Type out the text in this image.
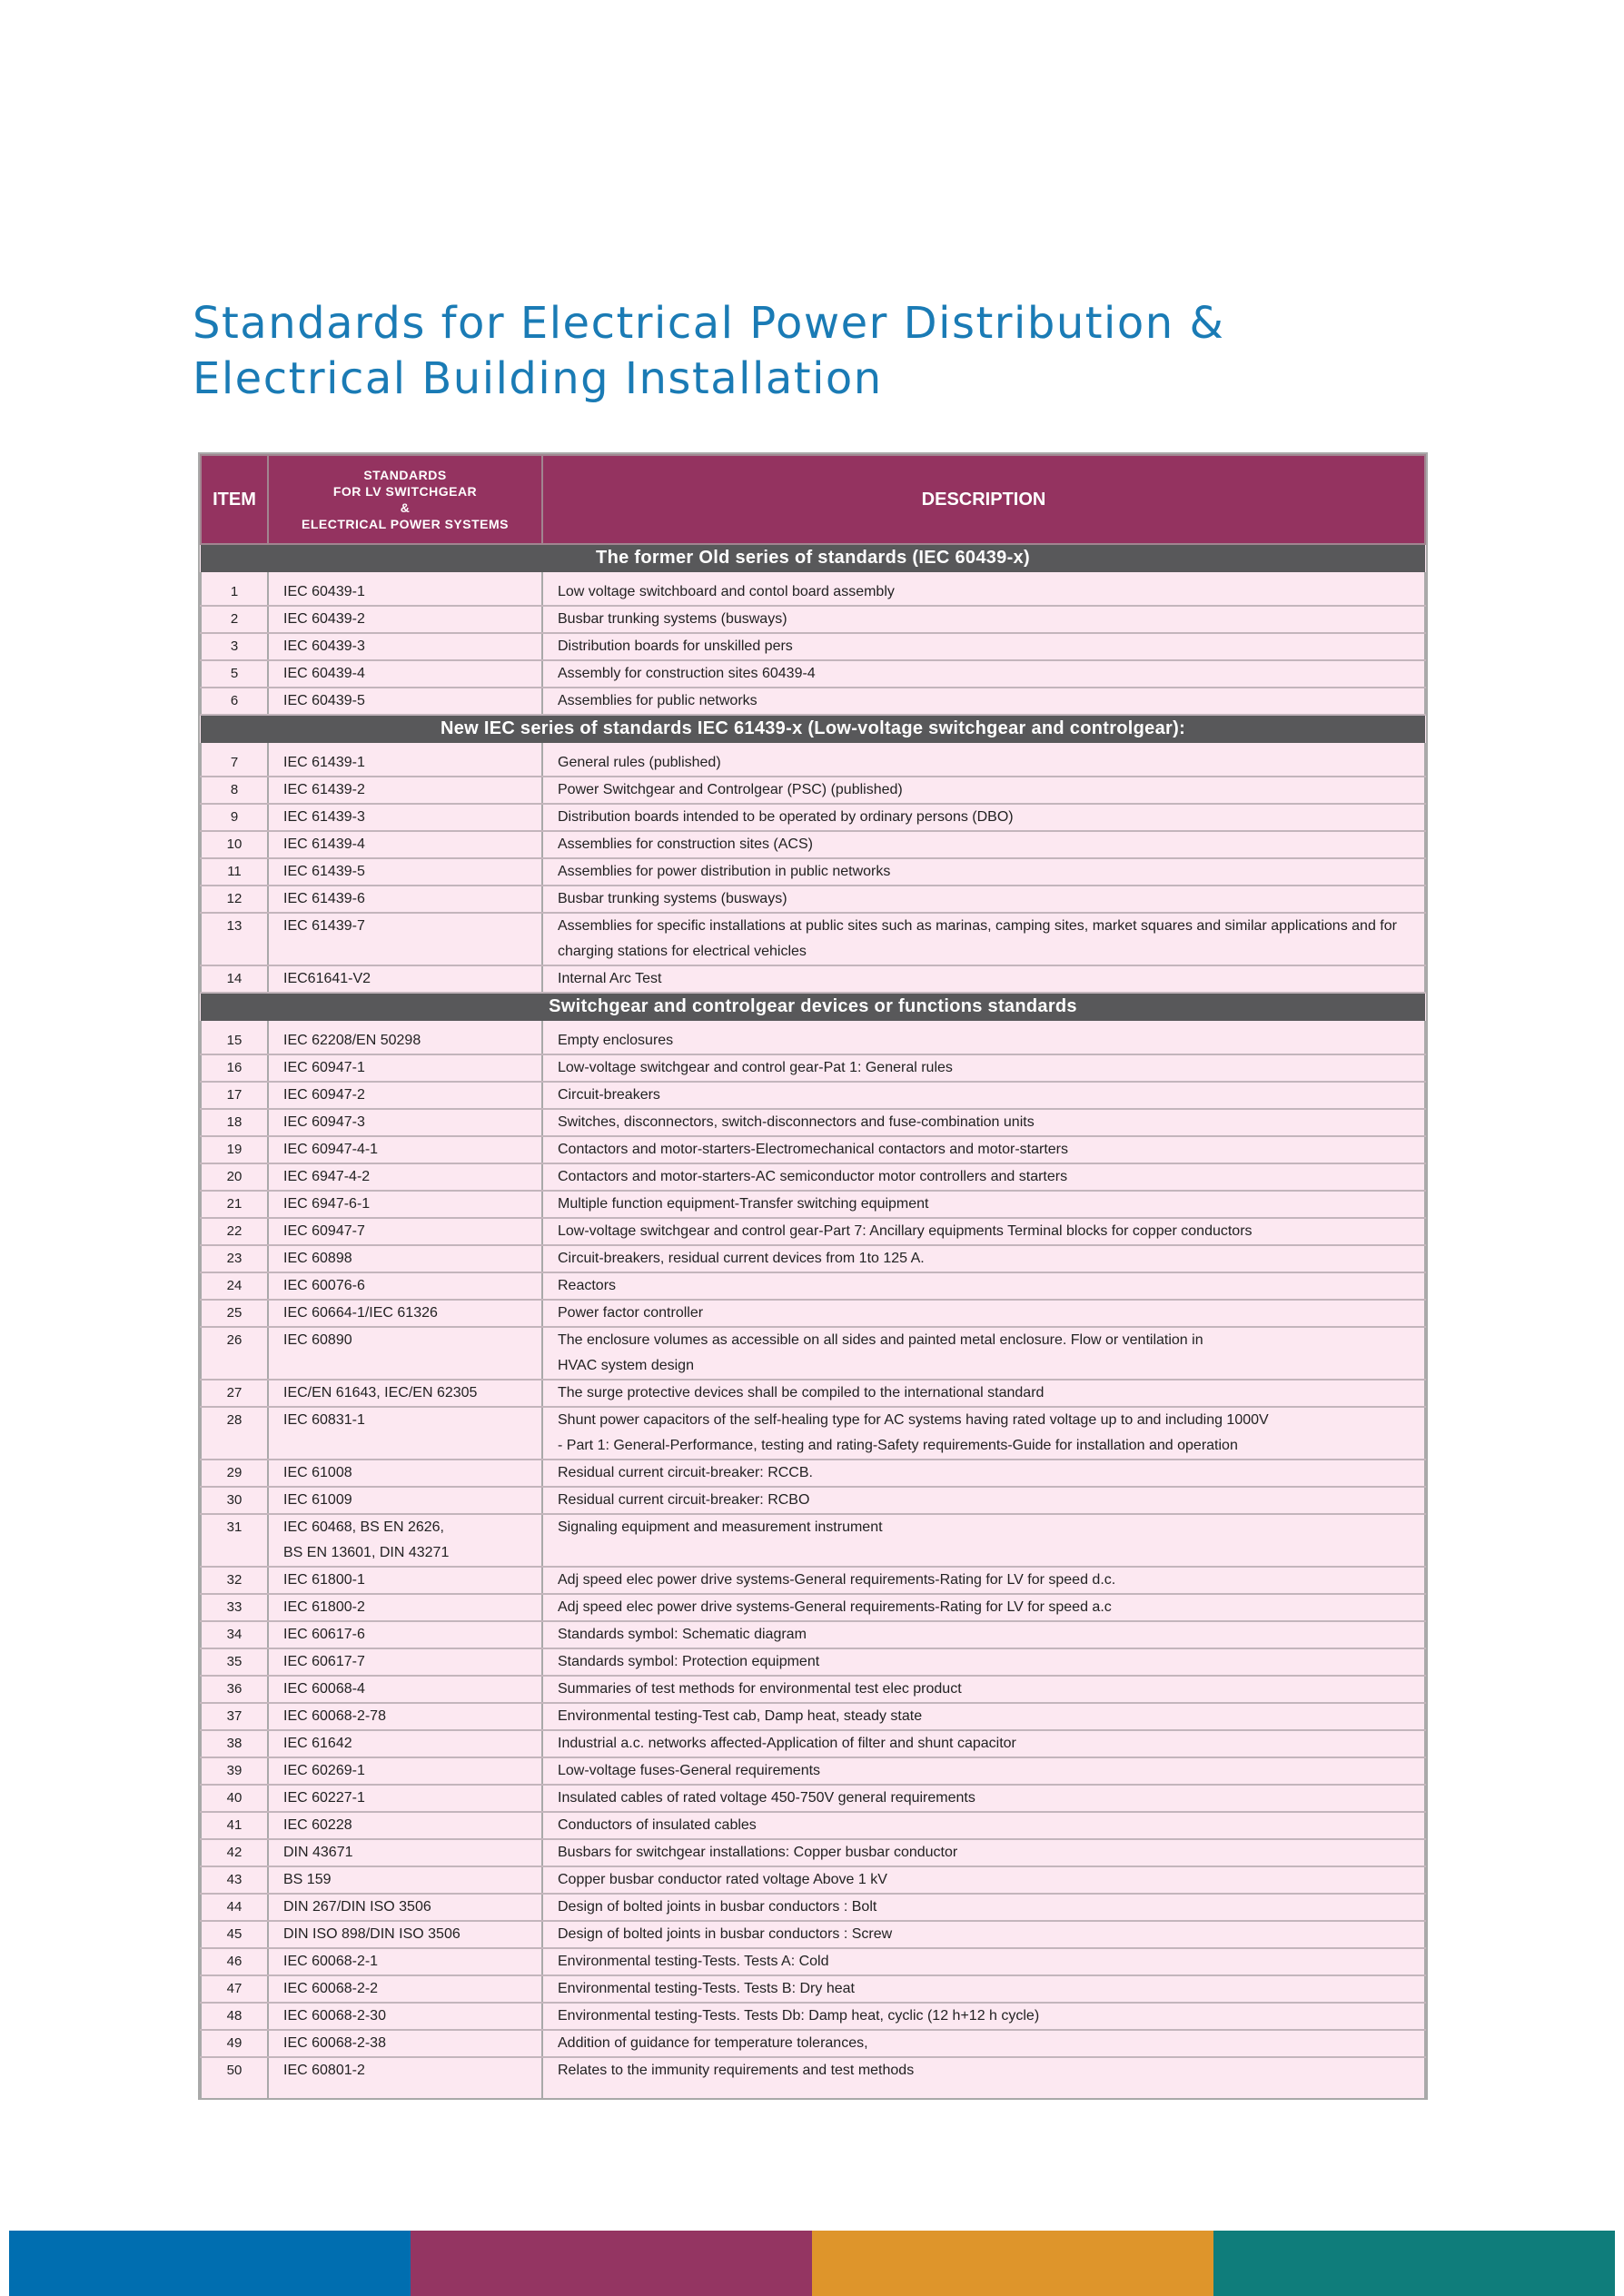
Standards for Electrical Power Distribution &
Electrical Building Installation
ITEM	STANDARDS
FOR LV SWITCHGEAR
&
ELECTRICAL POWER SYSTEMS	DESCRIPTION
The former Old series of standards (IEC 60439-x)		

1	IEC 60439-1	Low voltage switchboard and contol board assembly
2	IEC 60439-2	Busbar trunking systems (busways)
3	IEC 60439-3	Distribution boards for unskilled pers
5	IEC 60439-4	Assembly for construction sites 60439-4
6	IEC 60439-5	Assemblies for public networks
New IEC series of standards IEC 61439-x (Low-voltage switchgear and controlgear):		

7	IEC 61439-1	General rules (published)
8	IEC 61439-2	Power Switchgear and Controlgear (PSC) (published)
9	IEC 61439-3	Distribution boards intended to be operated by ordinary persons (DBO)
10	IEC 61439-4	Assemblies for construction sites (ACS)
11	IEC 61439-5	Assemblies for power distribution in public networks
12	IEC 61439-6	Busbar trunking systems (busways)
13	IEC 61439-7	Assemblies for specific installations at public sites such as marinas, camping sites, market squares and similar applications and for charging stations for electrical vehicles
14	IEC61641-V2	Internal Arc Test
Switchgear and controlgear devices or functions standards		

15	IEC 62208/EN 50298	Empty enclosures
16	IEC 60947-1	Low-voltage switchgear and control gear-Pat 1: General rules
17	IEC 60947-2	Circuit-breakers
18	IEC 60947-3	Switches, disconnectors, switch-disconnectors and fuse-combination units
19	IEC 60947-4-1	Contactors and motor-starters-Electromechanical contactors and motor-starters
20	IEC 6947-4-2	Contactors and motor-starters-AC semiconductor motor controllers and starters
21	IEC 6947-6-1	Multiple function equipment-Transfer switching equipment
22	IEC 60947-7	Low-voltage switchgear and control gear-Part 7: Ancillary equipments Terminal blocks for copper conductors
23	IEC 60898	Circuit-breakers, residual current devices from 1to 125 A.
24	IEC 60076-6	Reactors
25	IEC 60664-1/IEC 61326	Power factor controller
26	IEC 60890	The enclosure volumes as accessible on all sides and painted metal enclosure. Flow or ventilation in
HVAC system design

27	IEC/EN 61643, IEC/EN 62305	The surge protective devices shall be compiled to the international standard
28	IEC 60831-1	Shunt power capacitors of the self-healing type for AC systems having rated voltage up to and including 1000V
- Part 1: General-Performance, testing and rating-Safety requirements-Guide for installation and operation

29	IEC 61008	Residual current circuit-breaker: RCCB.
30	IEC 61009	Residual current circuit-breaker: RCBO
31	IEC 60468, BS EN 2626,
BS EN 13601, DIN 43271	Signaling equipment and measurement instrument
32	IEC 61800-1	Adj speed elec power drive systems-General requirements-Rating for LV for speed d.c.
33	IEC 61800-2	Adj speed elec power drive systems-General requirements-Rating for LV for speed a.c
34	IEC 60617-6	Standards symbol: Schematic diagram
35	IEC 60617-7	Standards symbol: Protection equipment
36	IEC 60068-4	Summaries of test methods for environmental test elec product
37	IEC 60068-2-78	Environmental testing-Test cab, Damp heat, steady state
38	IEC 61642	Industrial a.c. networks affected-Application of filter and shunt capacitor
39	IEC 60269-1	Low-voltage fuses-General requirements
40	IEC 60227-1	Insulated cables of rated voltage 450-750V general requirements
41	IEC 60228	Conductors of insulated cables
42	DIN 43671	Busbars for switchgear installations: Copper busbar conductor
43	BS 159	Copper busbar conductor rated voltage Above 1 kV
44	DIN 267/DIN ISO 3506	Design of bolted joints in busbar conductors : Bolt
45	DIN ISO 898/DIN ISO 3506	Design of bolted joints in busbar conductors : Screw
46	IEC 60068-2-1	Environmental testing-Tests. Tests A: Cold
47	IEC 60068-2-2	Environmental testing-Tests. Tests B: Dry heat
48	IEC 60068-2-30	Environmental testing-Tests. Tests Db: Damp heat, cyclic (12 h+12 h cycle)
49	IEC 60068-2-38	Addition of guidance for temperature tolerances,
50	IEC 60801-2	Relates to the immunity requirements and test methods
